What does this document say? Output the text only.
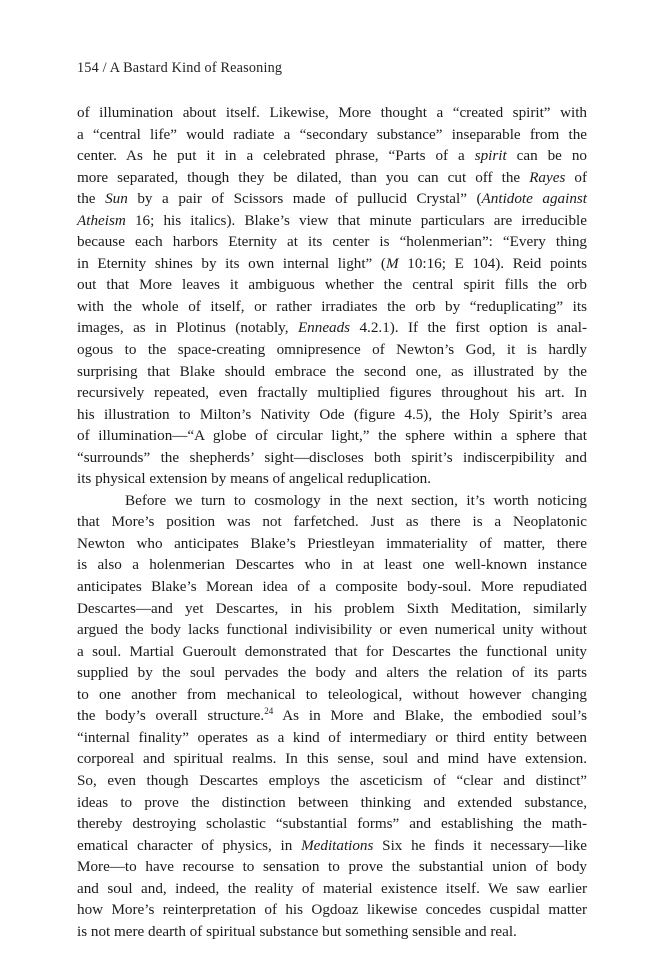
154 / A Bastard Kind of Reasoning
of illumination about itself. Likewise, More thought a “created spirit” with
a “central life” would radiate a “secondary substance” inseparable from the
center. As he put it in a celebrated phrase, “Parts of a spirit can be no
more separated, though they be dilated, than you can cut off the Rayes of
the Sun by a pair of Scissors made of pullucid Crystal” (Antidote against
Atheism 16; his italics). Blake’s view that minute particulars are irreducible
because each harbors Eternity at its center is “holenmerian”: “Every thing
in Eternity shines by its own internal light” (M 10:16; E 104). Reid points
out that More leaves it ambiguous whether the central spirit fills the orb
with the whole of itself, or rather irradiates the orb by “reduplicating” its
images, as in Plotinus (notably, Enneads 4.2.1). If the first option is anal-
ogous to the space-creating omnipresence of Newton’s God, it is hardly
surprising that Blake should embrace the second one, as illustrated by the
recursively repeated, even fractally multiplied figures throughout his art. In
his illustration to Milton’s Nativity Ode (figure 4.5), the Holy Spirit’s area
of illumination—“A globe of circular light,” the sphere within a sphere that
“surrounds” the shepherds’ sight—discloses both spirit’s indiscerpibility and
its physical extension by means of angelical reduplication.
Before we turn to cosmology in the next section, it’s worth noticing
that More’s position was not farfetched. Just as there is a Neoplatonic
Newton who anticipates Blake’s Priestleyan immateriality of matter, there
is also a holenmerian Descartes who in at least one well-known instance
anticipates Blake’s Morean idea of a composite body-soul. More repudiated
Descartes—and yet Descartes, in his problem Sixth Meditation, similarly
argued the body lacks functional indivisibility or even numerical unity without
a soul. Martial Gueroult demonstrated that for Descartes the functional unity
supplied by the soul pervades the body and alters the relation of its parts
to one another from mechanical to teleological, without however changing
the body’s overall structure.$^{24}$ As in More and Blake, the embodied soul’s
“internal finality” operates as a kind of intermediary or third entity between
corporeal and spiritual realms. In this sense, soul and mind have extension.
So, even though Descartes employs the asceticism of “clear and distinct”
ideas to prove the distinction between thinking and extended substance,
thereby destroying scholastic “substantial forms” and establishing the math-
ematical character of physics, in Meditations Six he finds it necessary—like
More—to have recourse to sensation to prove the substantial union of body
and soul and, indeed, the reality of material existence itself. We saw earlier
how More’s reinterpretation of his Ogdoaz likewise concedes cuspidal matter
is not mere dearth of spiritual substance but something sensible and real.
